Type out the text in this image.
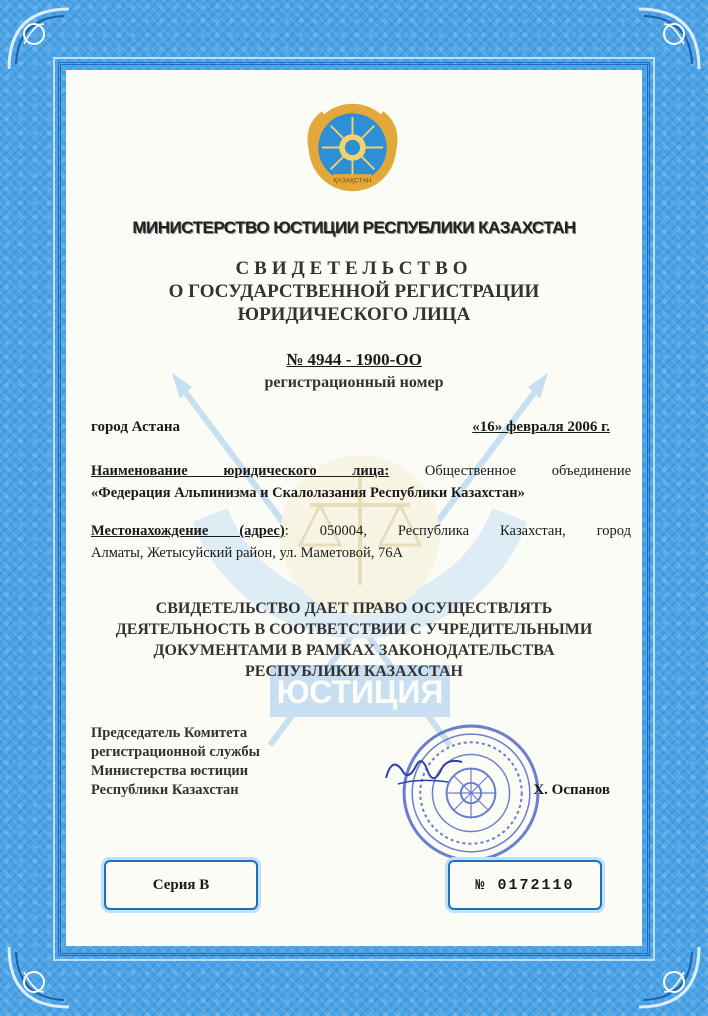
ЮСТИЦИЯ
ҚАЗАҚСТАН
МИНИСТЕРСТВО ЮСТИЦИИ РЕСПУБЛИКИ КАЗАХСТАН
СВИДЕТЕЛЬСТВО
О ГОСУДАРСТВЕННОЙ РЕГИСТРАЦИИ
ЮРИДИЧЕСКОГО ЛИЦА
№ 4944 - 1900-ОО
регистрационный номер
город Астана	«16» февраля 2006 г.
Наименование юридического лица: Общественное объединение
«Федерация Альпинизма и Скалолазания Республики Казахстан»
Местонахождение (адрес): 050004, Республика Казахстан, город
Алматы, Жетысуйский район, ул. Маметовой, 76А
СВИДЕТЕЛЬСТВО ДАЕТ ПРАВО ОСУЩЕСТВЛЯТЬ
ДЕЯТЕЛЬНОСТЬ В СООТВЕТСТВИИ С УЧРЕДИТЕЛЬНЫМИ
ДОКУМЕНТАМИ В РАМКАХ ЗАКОНОДАТЕЛЬСТВА
РЕСПУБЛИКИ КАЗАХСТАН
Председатель Комитета
регистрационной службы
Министерства юстиции
Республики Казахстан	Х. Оспанов
Серия В	№ 0172110
